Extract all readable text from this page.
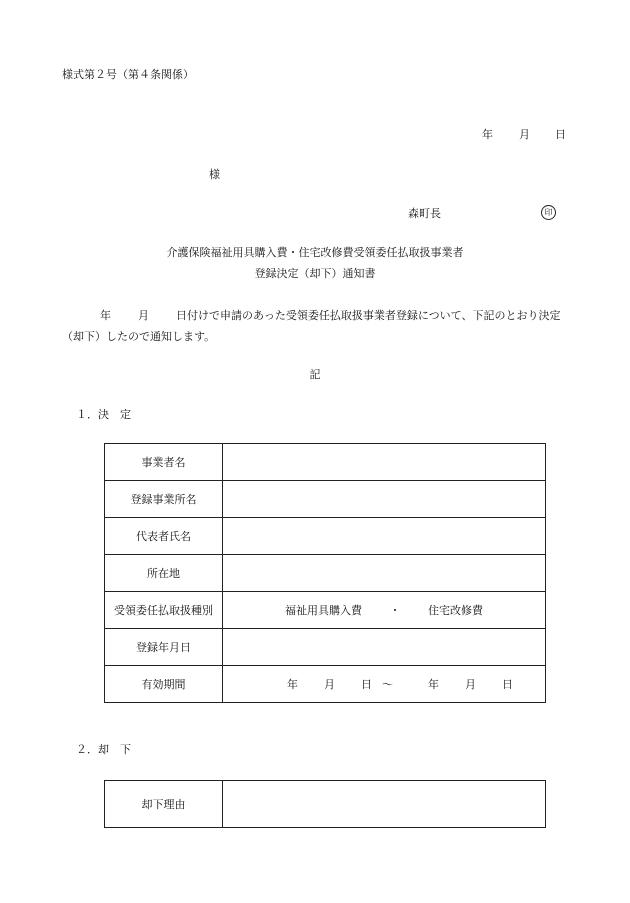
様式第２号（第４条関係）
年 月 日
様
森町長	印
介護保険福祉用具購入費・住宅改修費受領委任払取扱事業者
登録決定（却下）通知書
年 月 日付けで申請のあった受領委任払取扱事業者登録について、下記のとおり決定（却下）したので通知します。
記
１．決　定
事業者名	
登録事業所名	
代表者氏名	
所在地	
受領委任払取扱種別	福祉用具購入費 ・ 住宅改修費
登録年月日	
有効期間	年 月 日 ～ 年 月 日
２．却　下
却下理由	
